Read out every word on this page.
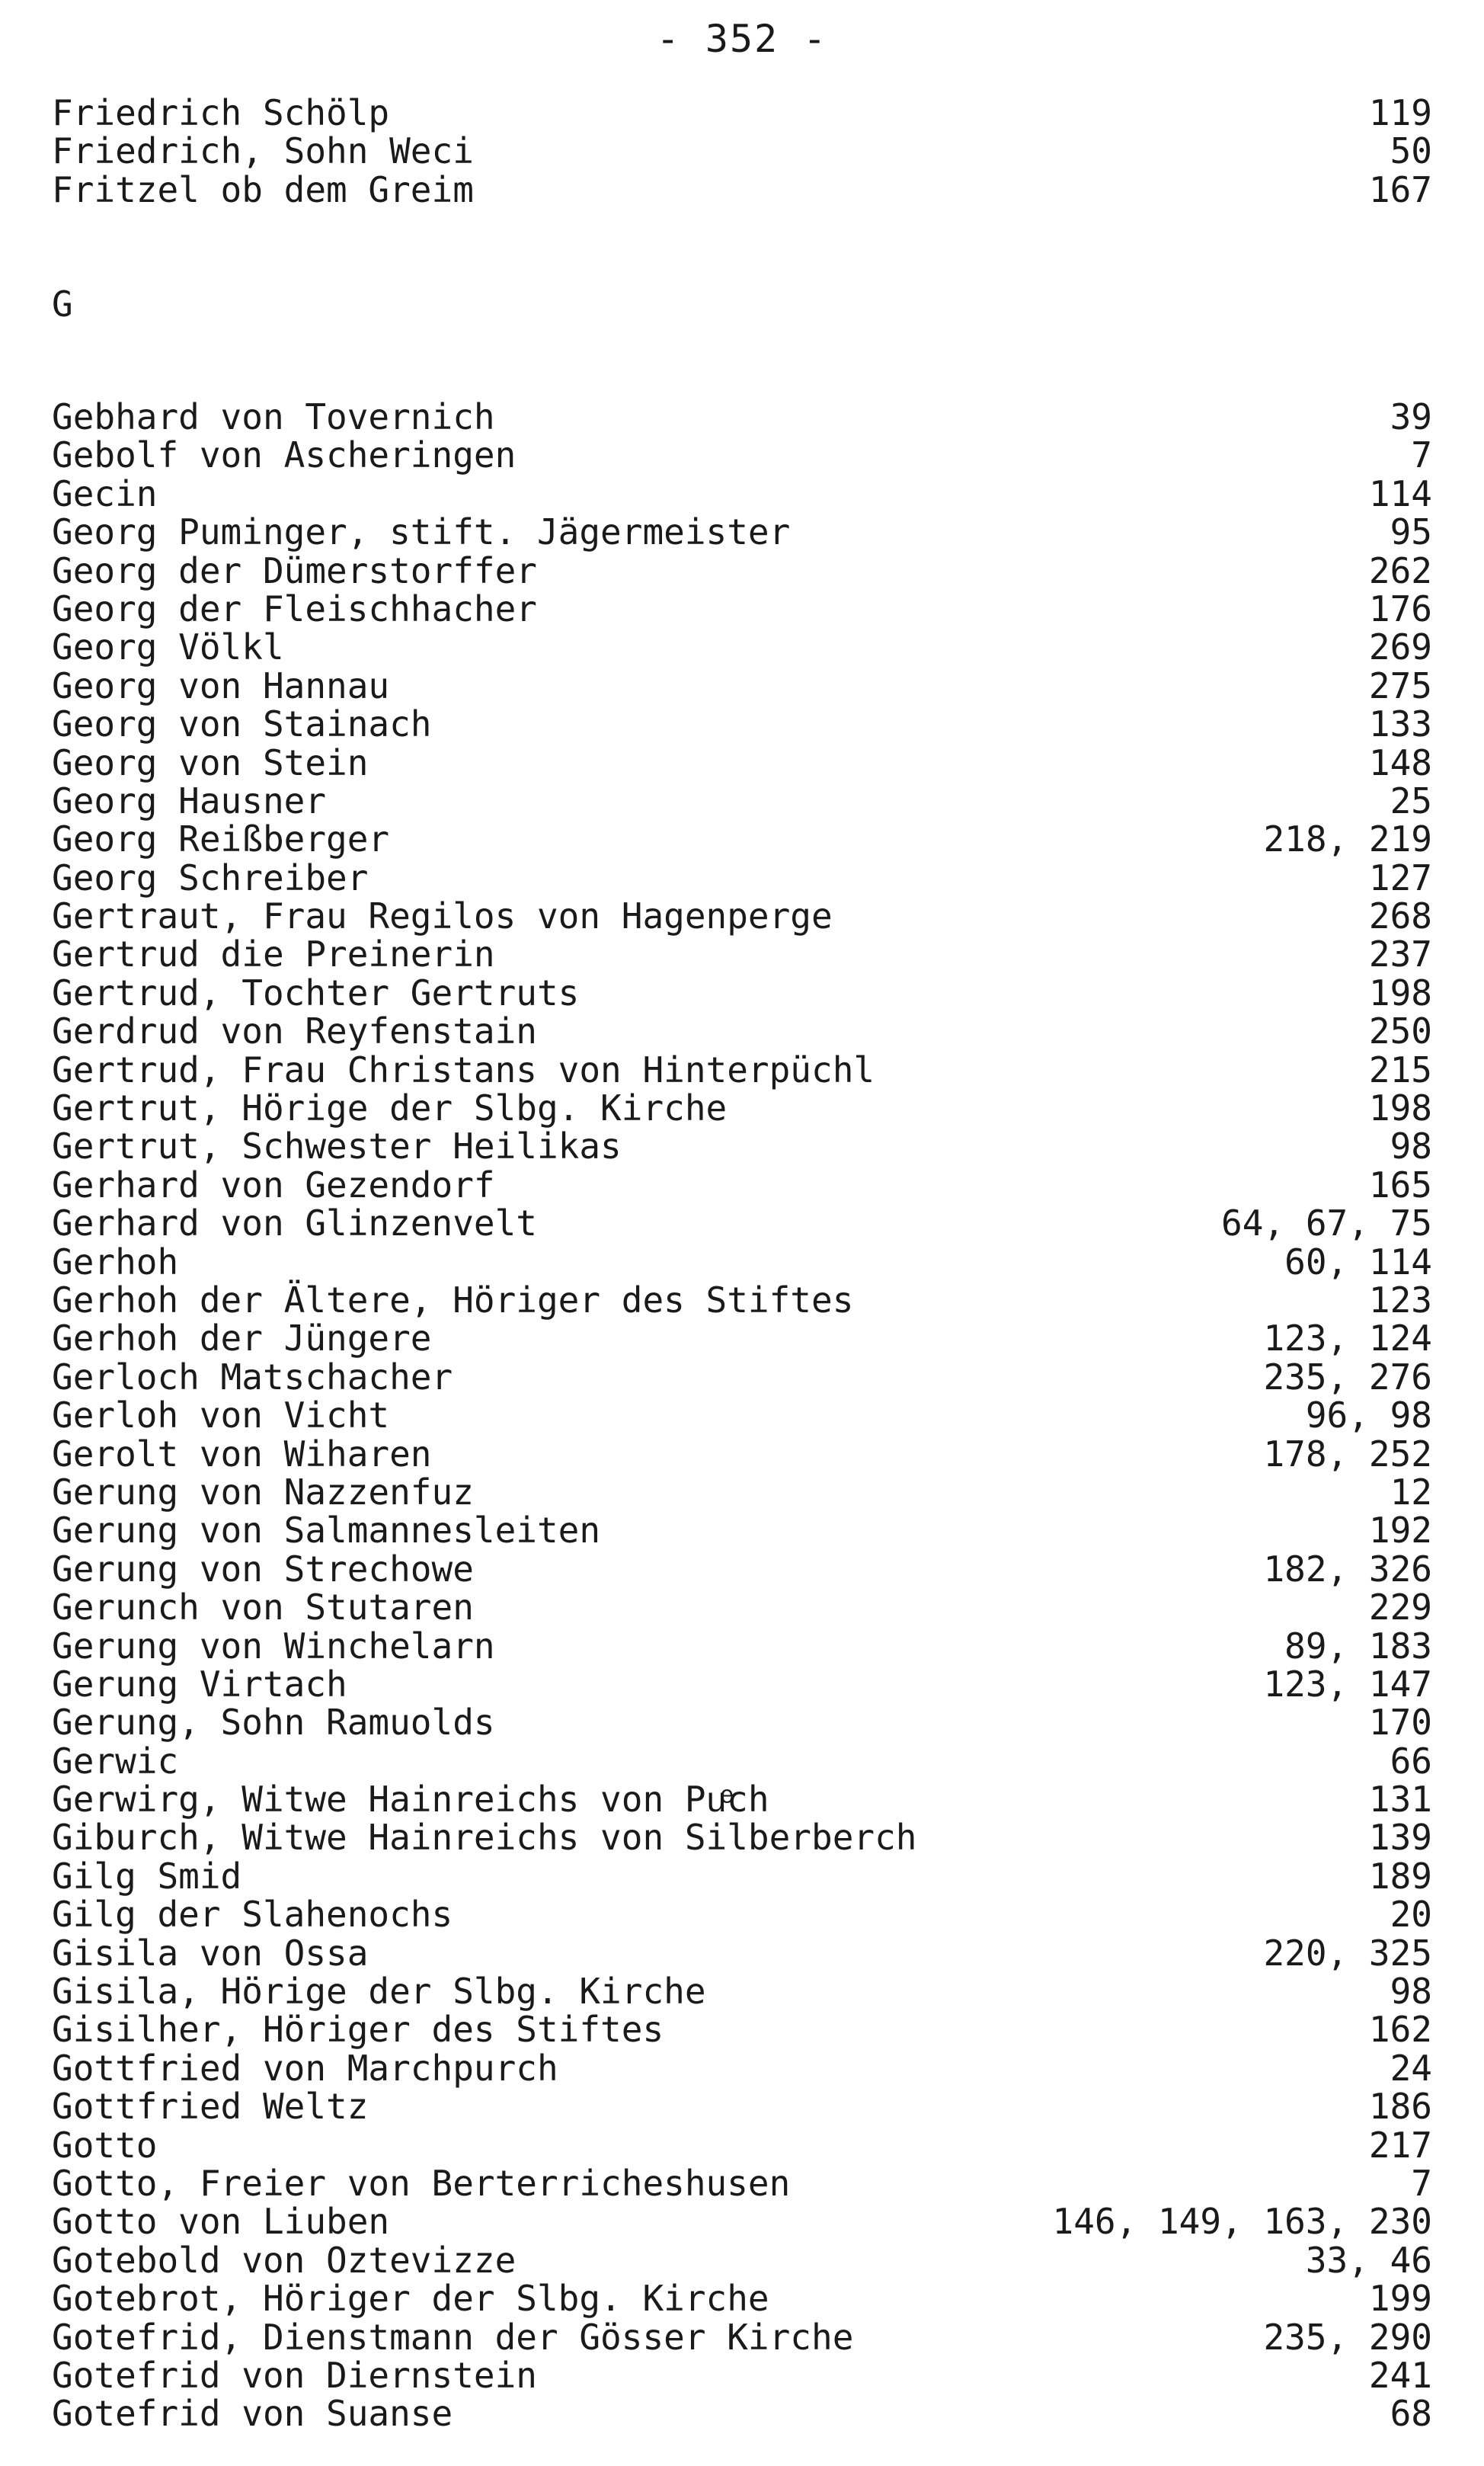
- 352 -
Friedrich Schölp	119
Friedrich, Sohn Weci	50
Fritzel ob dem Greim	167
G
Gebhard von Tovernich	39
Gebolf von Ascheringen	7
Gecin	114
Georg Puminger, stift. Jägermeister	95
Georg der Dümerstorffer	262
Georg der Fleischhacher	176
Georg Völkl	269
Georg von Hannau	275
Georg von Stainach	133
Georg von Stein	148
Georg Hausner	25
Georg Reißberger	218, 219
Georg Schreiber	127
Gertraut, Frau Regilos von Hagenperge	268
Gertrud die Preinerin	237
Gertrud, Tochter Gertruts	198
Gerdrud von Reyfenstain	250
Gertrud, Frau Christans von Hinterpüchl	215
Gertrut, Hörige der Slbg. Kirche	198
Gertrut, Schwester Heilikas	98
Gerhard von Gezendorf	165
Gerhard von Glinzenvelt	64, 67, 75
Gerhoh	60, 114
Gerhoh der Ältere, Höriger des Stiftes	123
Gerhoh der Jüngere	123, 124
Gerloch Matschacher	235, 276
Gerloh von Vicht	96, 98
Gerolt von Wiharen	178, 252
Gerung von Nazzenfuz	12
Gerung von Salmannesleiten	192
Gerung von Strechowe	182, 326
Gerunch von Stutaren	229
Gerung von Winchelarn	89, 183
Gerung Virtach	123, 147
Gerung, Sohn Ramuolds	170
Gerwic	66
Gerwirg, Witwe Hainreichs von Puͤch	131
Giburch, Witwe Hainreichs von Silberberch	139
Gilg Smid	189
Gilg der Slahenochs	20
Gisila von Ossa	220, 325
Gisila, Hörige der Slbg. Kirche	98
Gisilher, Höriger des Stiftes	162
Gottfried von Marchpurch	24
Gottfried Weltz	186
Gotto	217
Gotto, Freier von Berterricheshusen	7
Gotto von Liuben	146, 149, 163, 230
Gotebold von Oztevizze	33, 46
Gotebrot, Höriger der Slbg. Kirche	199
Gotefrid, Dienstmann der Gösser Kirche	235, 290
Gotefrid von Diernstein	241
Gotefrid von Suanse	68
